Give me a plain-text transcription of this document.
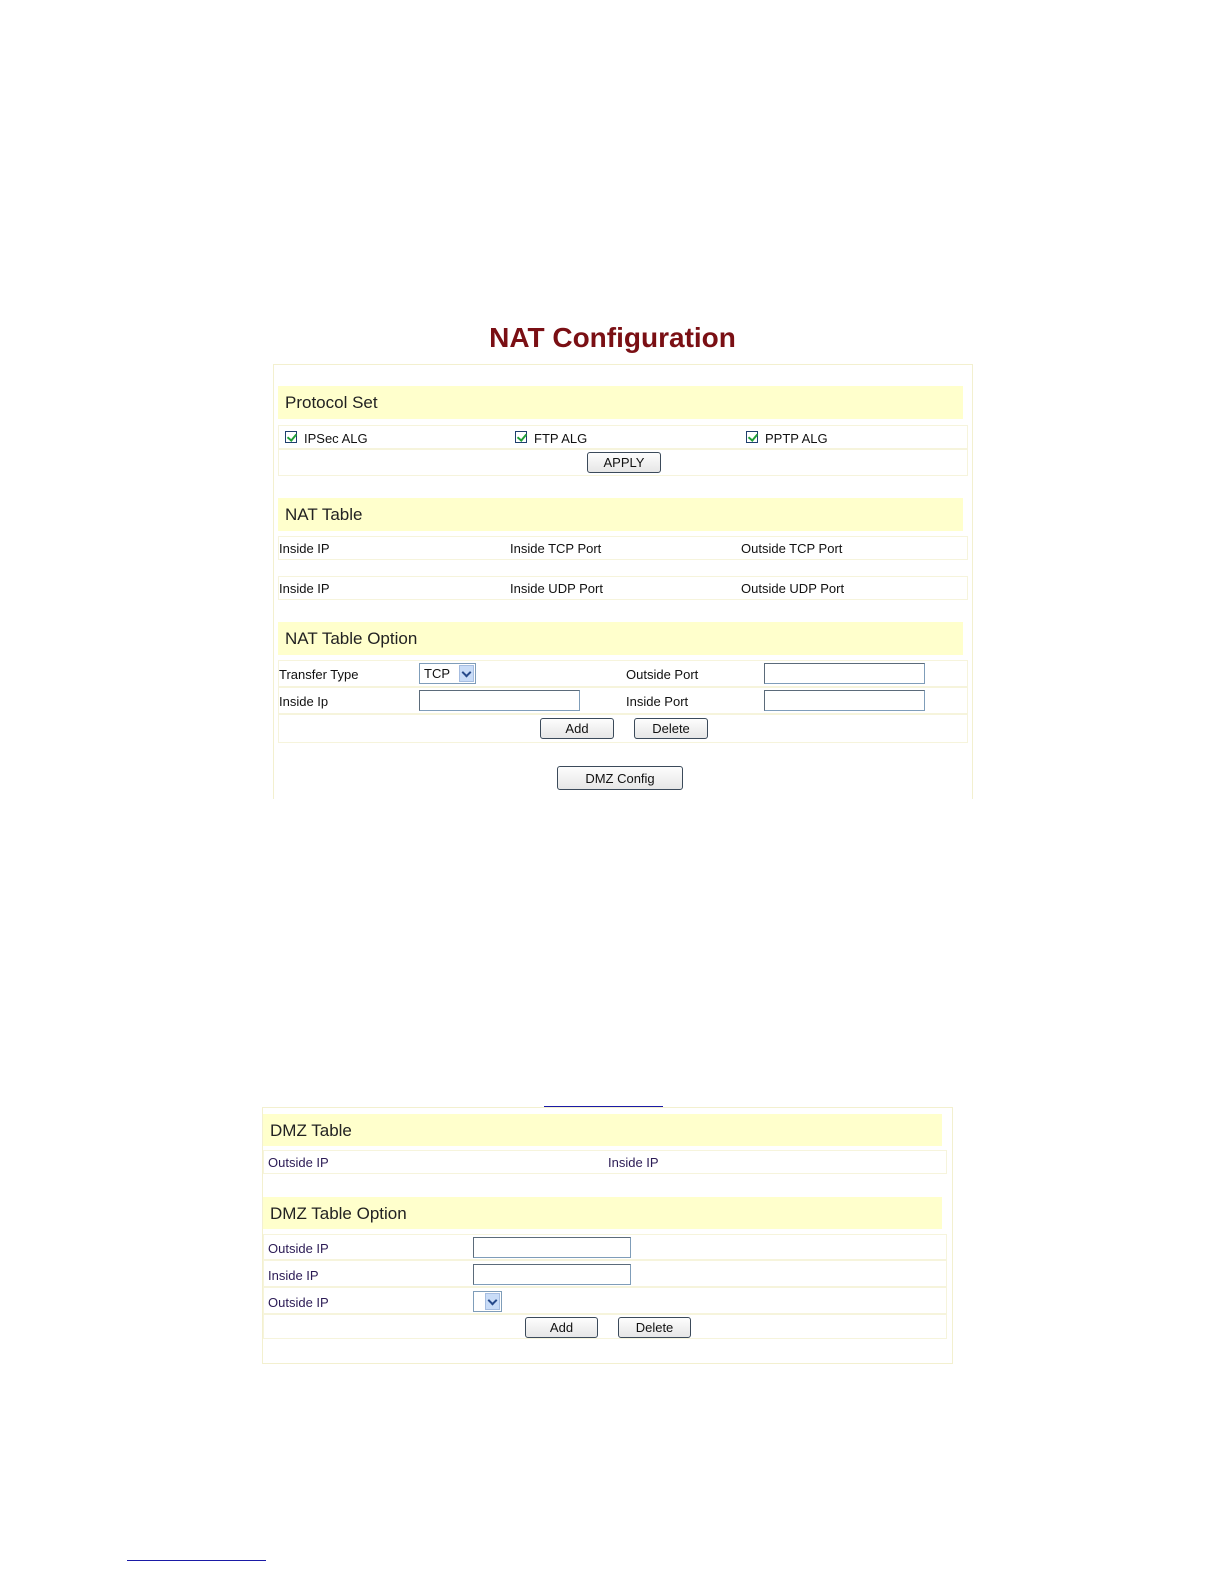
NAT Configuration
Protocol Set
IPSec ALG	FTP ALG	PPTP ALG
APPLY
NAT Table
Inside IP	Inside TCP Port	Outside TCP Port
Inside IP	Inside UDP Port	Outside UDP Port
NAT Table Option
Transfer Type	TCP	Outside Port
Inside Ip	Inside Port
Add	Delete
DMZ Config
DMZ Table
Outside IP	Inside IP
DMZ Table Option
Outside IP
Inside IP
Outside IP
Add	Delete
